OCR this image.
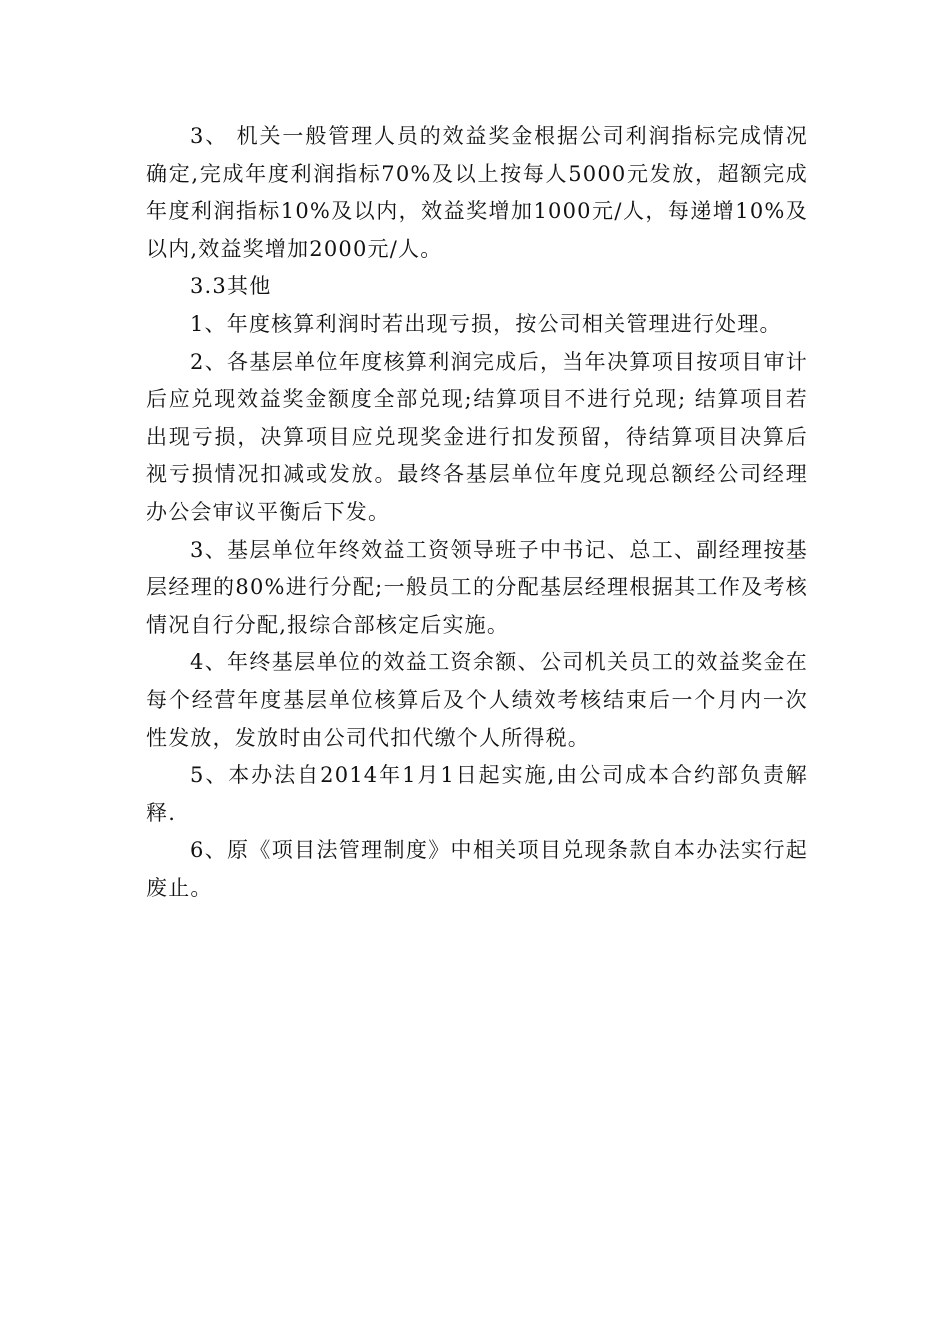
3、 机关一般管理人员的效益奖金根据公司利润指标完成情况确定,完成年度利润指标70%及以上按每人5000元发放，超额完成年度利润指标10%及以内，效益奖增加1000元/人，每递增10%及以内,效益奖增加2000元/人。

3.3其他

1、年度核算利润时若出现亏损，按公司相关管理进行处理。

2、各基层单位年度核算利润完成后，当年决算项目按项目审计后应兑现效益奖金额度全部兑现;结算项目不进行兑现; 结算项目若出现亏损，决算项目应兑现奖金进行扣发预留，待结算项目决算后视亏损情况扣减或发放。最终各基层单位年度兑现总额经公司经理办公会审议平衡后下发。

3、基层单位年终效益工资领导班子中书记、总工、副经理按基层经理的80%进行分配;一般员工的分配基层经理根据其工作及考核情况自行分配,报综合部核定后实施。

4、年终基层单位的效益工资余额、公司机关员工的效益奖金在每个经营年度基层单位核算后及个人绩效考核结束后一个月内一次性发放，发放时由公司代扣代缴个人所得税。

5、本办法自2014年1月1日起实施,由公司成本合约部负责解释.

6、原《项目法管理制度》中相关项目兑现条款自本办法实行起废止。
